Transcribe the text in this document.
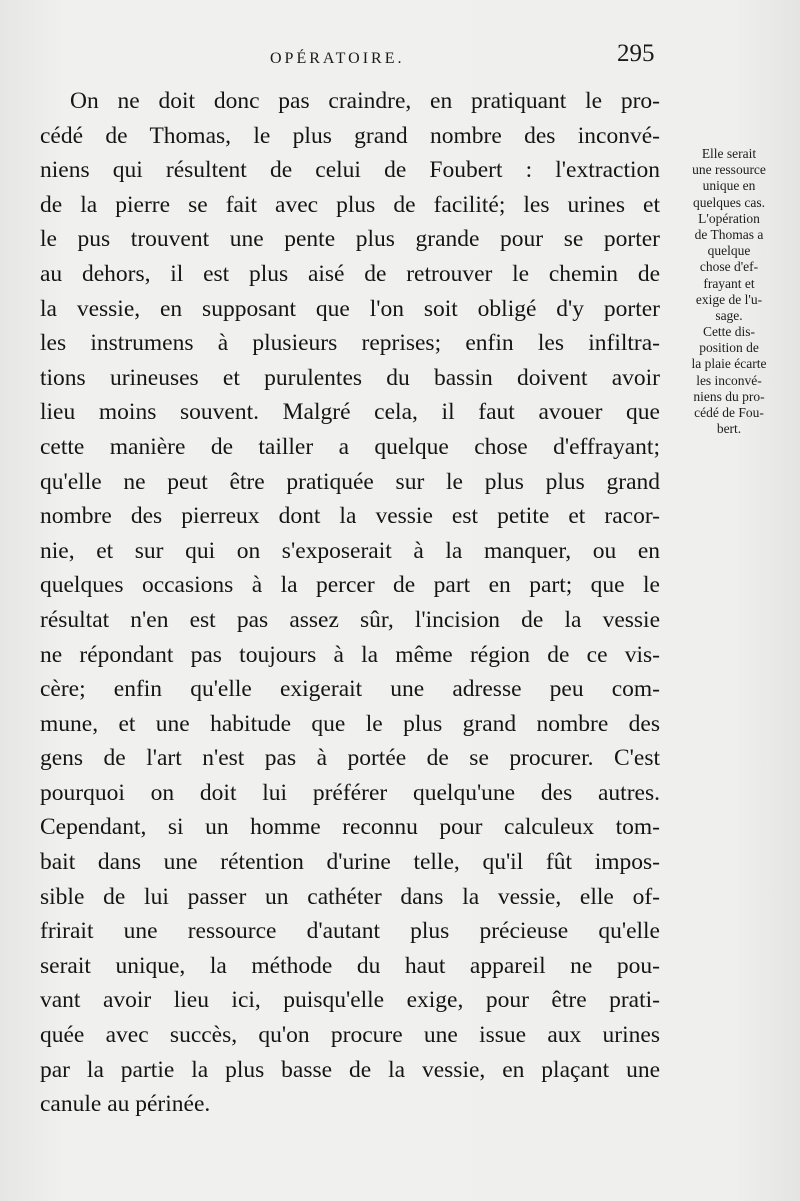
OPÉRATOIRE.	295
On ne doit donc pas craindre, en pratiquant le pro-
cédé de Thomas, le plus grand nombre des inconvé-
niens qui résultent de celui de Foubert : l'extraction
de la pierre se fait avec plus de facilité; les urines et
le pus trouvent une pente plus grande pour se porter
au dehors, il est plus aisé de retrouver le chemin de
la vessie, en supposant que l'on soit obligé d'y porter
les instrumens à plusieurs reprises; enfin les infiltra-
tions urineuses et purulentes du bassin doivent avoir
lieu moins souvent. Malgré cela, il faut avouer que
cette manière de tailler a quelque chose d'effrayant;
qu'elle ne peut être pratiquée sur le plus plus grand
nombre des pierreux dont la vessie est petite et racor-
nie, et sur qui on s'exposerait à la manquer, ou en
quelques occasions à la percer de part en part; que le
résultat n'en est pas assez sûr, l'incision de la vessie
ne répondant pas toujours à la même région de ce vis-
cère; enfin qu'elle exigerait une adresse peu com-
mune, et une habitude que le plus grand nombre des
gens de l'art n'est pas à portée de se procurer. C'est
pourquoi on doit lui préférer quelqu'une des autres.
Cependant, si un homme reconnu pour calculeux tom-
bait dans une rétention d'urine telle, qu'il fût impos-
sible de lui passer un cathéter dans la vessie, elle of-
frirait une ressource d'autant plus précieuse qu'elle
serait unique, la méthode du haut appareil ne pou-
vant avoir lieu ici, puisqu'elle exige, pour être prati-
quée avec succès, qu'on procure une issue aux urines
par la partie la plus basse de la vessie, en plaçant une
canule au périnée.
Elle serait
une ressource
unique en
quelques cas.
L'opération
de Thomas a
quelque
chose d'ef-
frayant et
exige de l'u-
sage.
Cette dis-
position de
la plaie écarte
les inconvé-
niens du pro-
cédé de Fou-
bert.
